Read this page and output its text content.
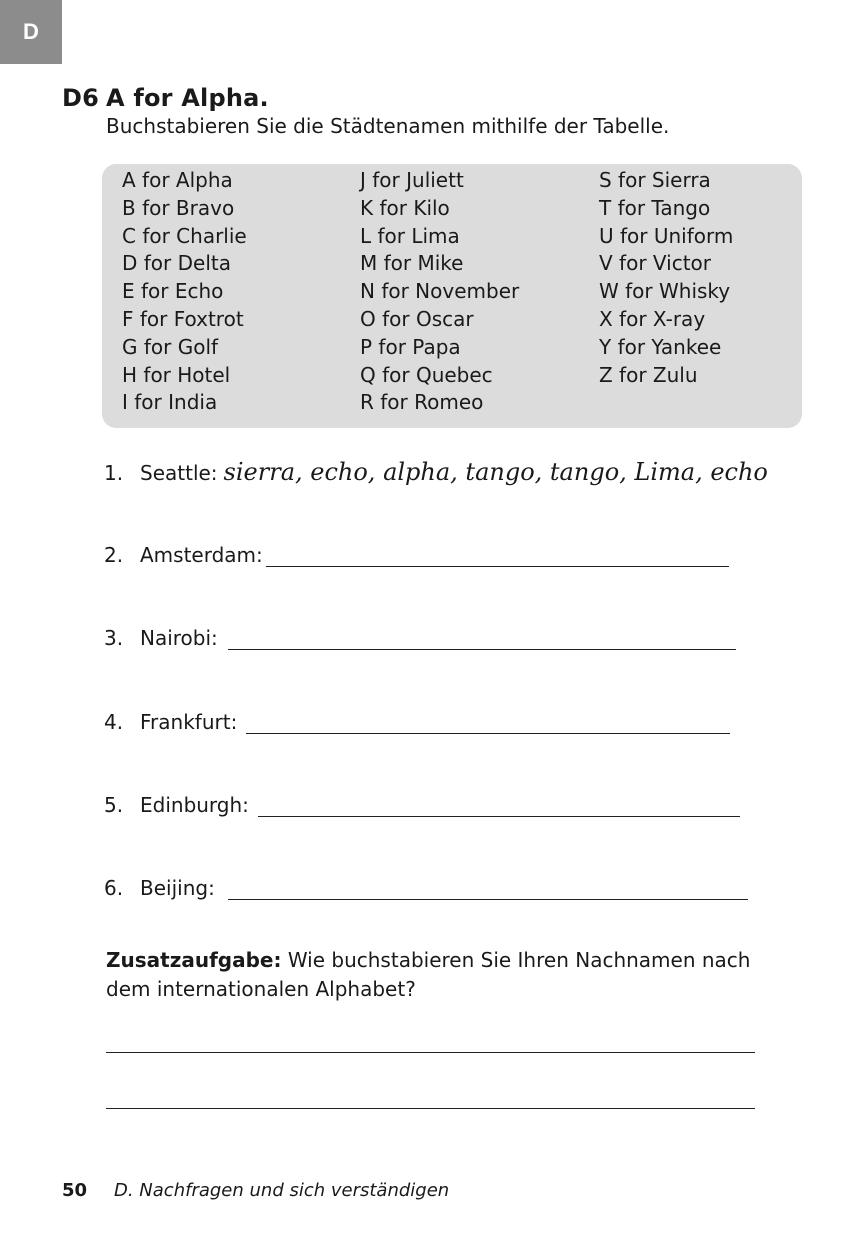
D
D6 A for Alpha.
Buchstabieren Sie die Städtenamen mithilfe der Tabelle.
A for Alpha
B for Bravo
C for Charlie
D for Delta
E for Echo
F for Foxtrot
G for Golf
H for Hotel
I for India
J for Juliett
K for Kilo
L for Lima
M for Mike
N for November
O for Oscar
P for Papa
Q for Quebec
R for Romeo
S for Sierra
T for Tango
U for Uniform
V for Victor
W for Whisky
X for X-ray
Y for Yankee
Z for Zulu
1. Seattle: sierra, echo, alpha, tango, tango, Lima, echo
2. Amsterdam:
3. Nairobi:
4. Frankfurt:
5. Edinburgh:
6. Beijing:
Zusatzaufgabe: Wie buchstabieren Sie Ihren Nachnamen nach dem internationalen Alphabet?
50 D. Nachfragen und sich verständigen
